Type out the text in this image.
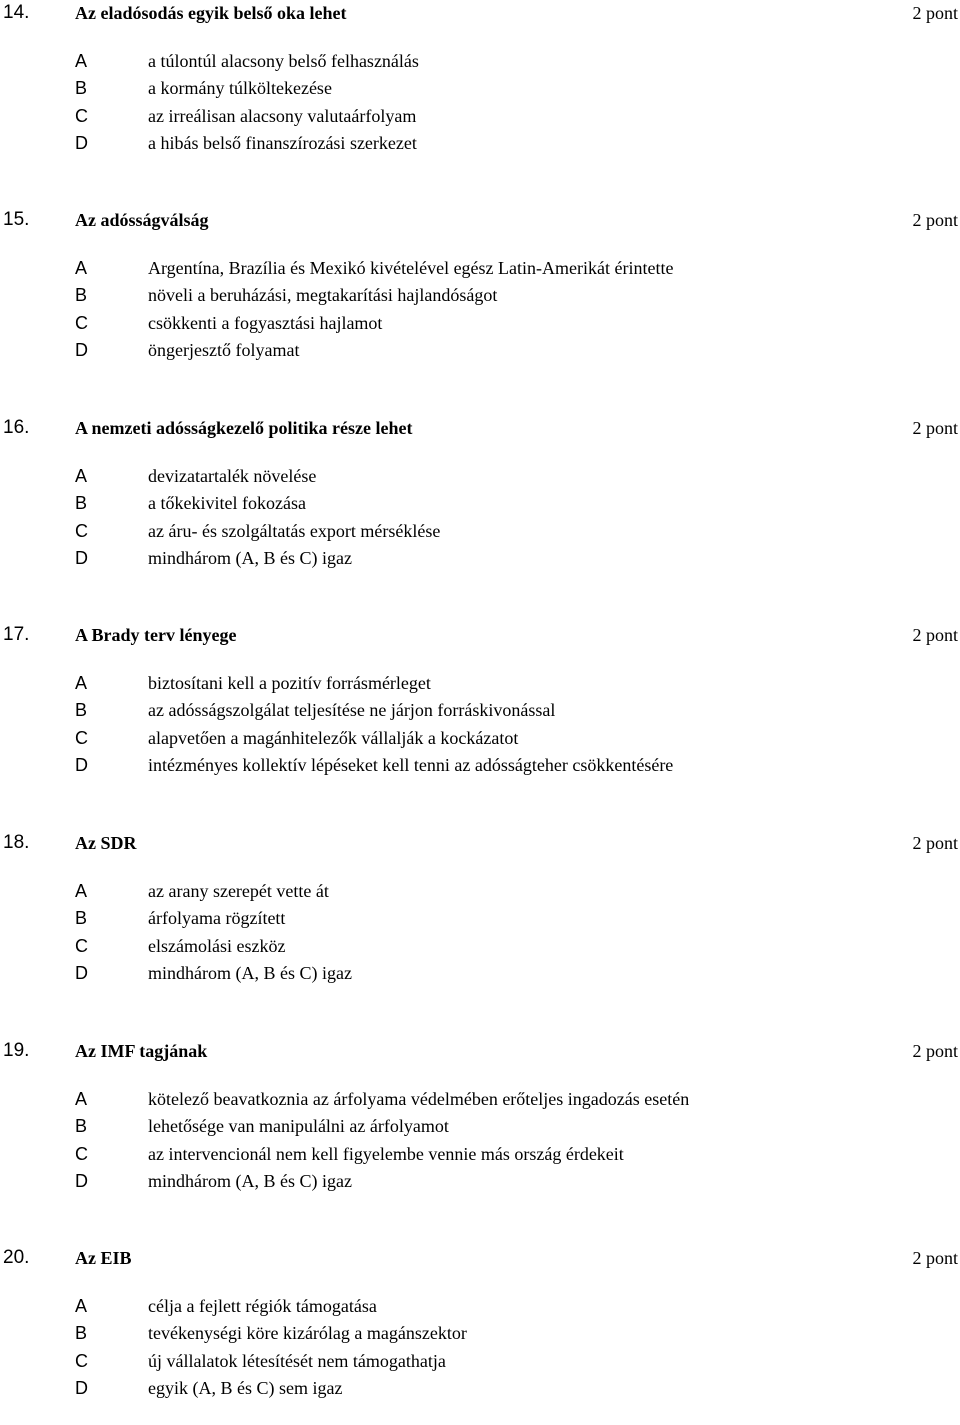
14.	Az eladósodás egyik belső oka lehet	2 pont
A	a túlontúl alacsony belső felhasználás
B	a kormány túlköltekezése
C	az irreálisan alacsony valutaárfolyam
D	a hibás belső finanszírozási szerkezet
15.	Az adósságválság	2 pont
A	Argentína, Brazília és Mexikó kivételével egész Latin-Amerikát érintette
B	növeli a beruházási, megtakarítási hajlandóságot
C	csökkenti a fogyasztási hajlamot
D	öngerjesztő folyamat
16.	A nemzeti adósságkezelő politika része lehet	2 pont
A	devizatartalék növelése
B	a tőkekivitel fokozása
C	az áru- és szolgáltatás export mérséklése
D	mindhárom (A, B és C) igaz
17.	A Brady terv lényege	2 pont
A	biztosítani kell a pozitív forrásmérleget
B	az adósságszolgálat teljesítése ne járjon forráskivonással
C	alapvetően a magánhitelezők vállalják a kockázatot
D	intézményes kollektív lépéseket kell tenni az adósságteher csökkentésére
18.	Az SDR	2 pont
A	az arany szerepét vette át
B	árfolyama rögzített
C	elszámolási eszköz
D	mindhárom (A, B és C) igaz
19.	Az IMF tagjának	2 pont
A	kötelező beavatkoznia az árfolyama védelmében erőteljes ingadozás esetén
B	lehetősége van manipulálni az árfolyamot
C	az intervencionál nem kell figyelembe vennie más ország érdekeit
D	mindhárom (A, B és C) igaz
20.	Az EIB	2 pont
A	célja a fejlett régiók támogatása
B	tevékenységi köre kizárólag a magánszektor
C	új vállalatok létesítését nem támogathatja
D	egyik (A, B és C) sem igaz
